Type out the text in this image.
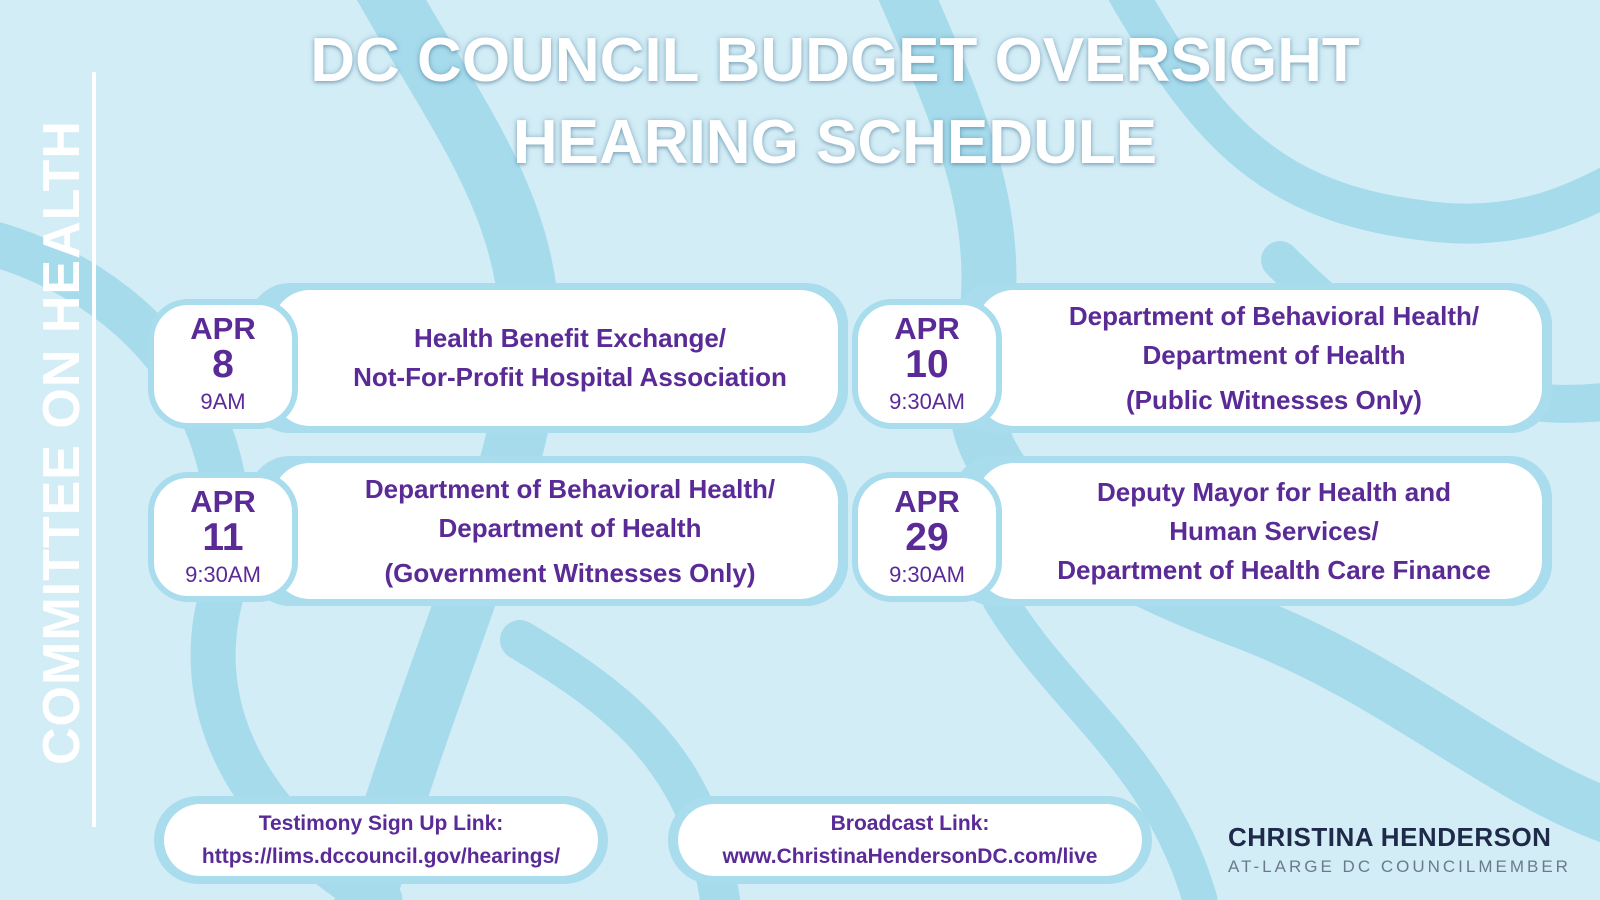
COMMITTEE ON HEALTH
DC COUNCIL BUDGET OVERSIGHT
HEARING SCHEDULE
Health Benefit Exchange/
Not-For-Profit Hospital Association
APR
8
9AM
Department of Behavioral Health/
Department of Health
(Public Witnesses Only)
APR
10
9:30AM
Department of Behavioral Health/
Department of Health
(Government Witnesses Only)
APR
11
9:30AM
Deputy Mayor for Health and
Human Services/
Department of Health Care Finance
APR
29
9:30AM
Testimony Sign Up Link:
https://lims.dccouncil.gov/hearings/
Broadcast Link:
www.ChristinaHendersonDC.com/live
CHRISTINA HENDERSON
AT-LARGE DC COUNCILMEMBER
